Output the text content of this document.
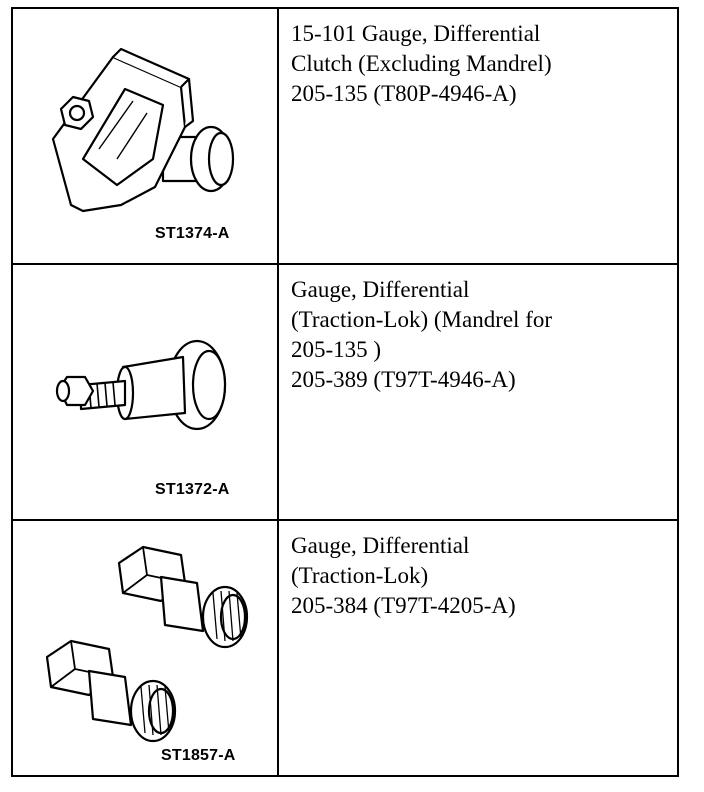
ST1374-A	15-101 Gauge, Differential
Clutch (Excluding Mandrel)
205-135 (T80P-4946-A)

ST1372-A	Gauge, Differential
(Traction-Lok) (Mandrel for
205-135 )
205-389 (T97T-4946-A)

ST1857-A	Gauge, Differential
(Traction-Lok)
205-384 (T97T-4205-A)
